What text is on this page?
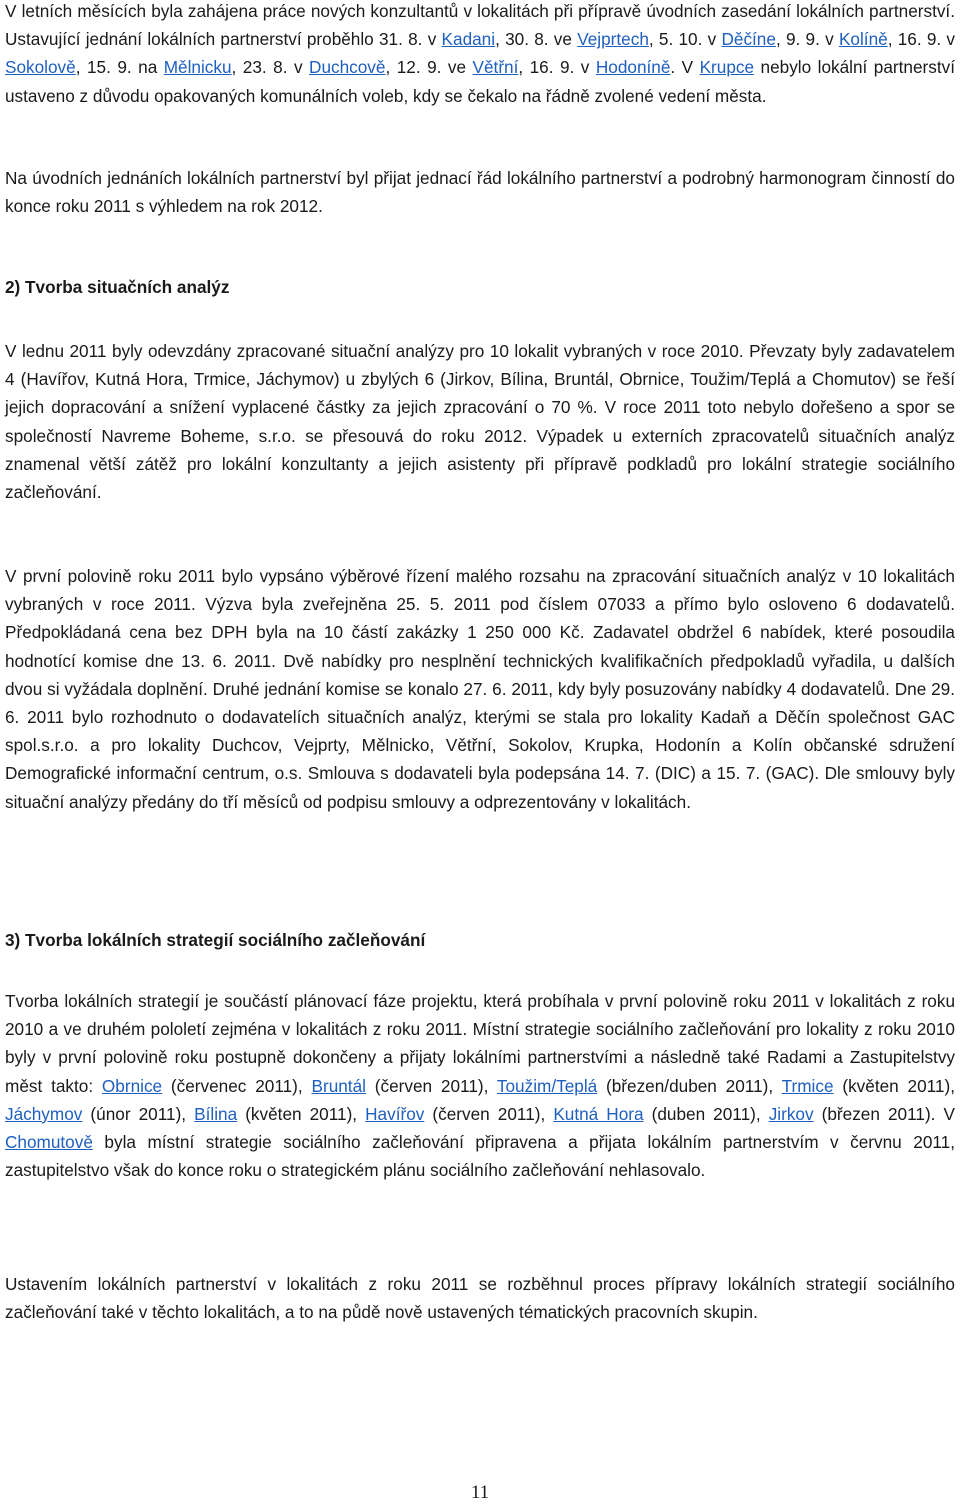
V letních měsících byla zahájena práce nových konzultantů v lokalitách při přípravě úvodních zasedání lokálních partnerství. Ustavující jednání lokálních partnerství proběhlo 31. 8. v Kadani, 30. 8. ve Vejprtech, 5. 10. v Děčíne, 9. 9. v Kolíně, 16. 9. v Sokolově, 15. 9. na Mělnicku, 23. 8. v Duchcově, 12. 9. ve Větřní, 16. 9. v Hodoníně. V Krupce nebylo lokální partnerství ustaveno z důvodu opakovaných komunálních voleb, kdy se čekalo na řádně zvolené vedení města.

Na úvodních jednáních lokálních partnerství byl přijat jednací řád lokálního partnerství a podrobný harmonogram činností do konce roku 2011 s výhledem na rok 2012.

2) Tvorba situačních analýz

V lednu 2011 byly odevzdány zpracované situační analýzy pro 10 lokalit vybraných v roce 2010. Převzaty byly zadavatelem 4 (Havířov, Kutná Hora, Trmice, Jáchymov) u zbylých 6 (Jirkov, Bílina, Bruntál, Obrnice, Toužim/Teplá a Chomutov) se řeší jejich dopracování a snížení vyplacené částky za jejich zpracování o 70 %. V roce 2011 toto nebylo dořešeno a spor se společností Navreme Boheme, s.r.o. se přesouvá do roku 2012. Výpadek u externích zpracovatelů situačních analýz znamenal větší zátěž pro lokální konzultanty a jejich asistenty při přípravě podkladů pro lokální strategie sociálního začleňování.

V první polovině roku 2011 bylo vypsáno výběrové řízení malého rozsahu na zpracování situačních analýz v 10 lokalitách vybraných v roce 2011. Výzva byla zveřejněna 25. 5. 2011 pod číslem 07033 a přímo bylo osloveno 6 dodavatelů. Předpokládaná cena bez DPH byla na 10 částí zakázky 1 250 000 Kč. Zadavatel obdržel 6 nabídek, které posoudila hodnotící komise dne 13. 6. 2011. Dvě nabídky pro nesplnění technických kvalifikačních předpokladů vyřadila, u dalších dvou si vyžádala doplnění. Druhé jednání komise se konalo 27. 6. 2011, kdy byly posuzovány nabídky 4 dodavatelů. Dne 29. 6. 2011 bylo rozhodnuto o dodavatelích situačních analýz, kterými se stala pro lokality Kadaň a Děčín společnost GAC spol.s.r.o. a pro lokality Duchcov, Vejprty, Mělnicko, Větřní, Sokolov, Krupka, Hodonín a Kolín občanské sdružení Demografické informační centrum, o.s. Smlouva s dodavateli byla podepsána 14. 7. (DIC) a 15. 7. (GAC). Dle smlouvy byly situační analýzy předány do tří měsíců od podpisu smlouvy a odprezentovány v lokalitách.

3) Tvorba lokálních strategií sociálního začleňování

Tvorba lokálních strategií je součástí plánovací fáze projektu, která probíhala v první polovině roku 2011 v lokalitách z roku 2010 a ve druhém pololetí zejména v lokalitách z roku 2011. Místní strategie sociálního začleňování pro lokality z roku 2010 byly v první polovině roku postupně dokončeny a přijaty lokálními partnerstvími a následně také Radami a Zastupitelstvy měst takto: Obrnice (červenec 2011), Bruntál (červen 2011), Toužim/Teplá (březen/duben 2011), Trmice (květen 2011), Jáchymov (únor 2011), Bílina (květen 2011), Havířov (červen 2011), Kutná Hora (duben 2011), Jirkov (březen 2011). V Chomutově byla místní strategie sociálního začleňování připravena a přijata lokálním partnerstvím v červnu 2011, zastupitelstvo však do konce roku o strategickém plánu sociálního začleňování nehlasovalo.

Ustavením lokálních partnerství v lokalitách z roku 2011 se rozběhnul proces přípravy lokálních strategií sociálního začleňování také v těchto lokalitách, a to na půdě nově ustavených tématických pracovních skupin.

11
